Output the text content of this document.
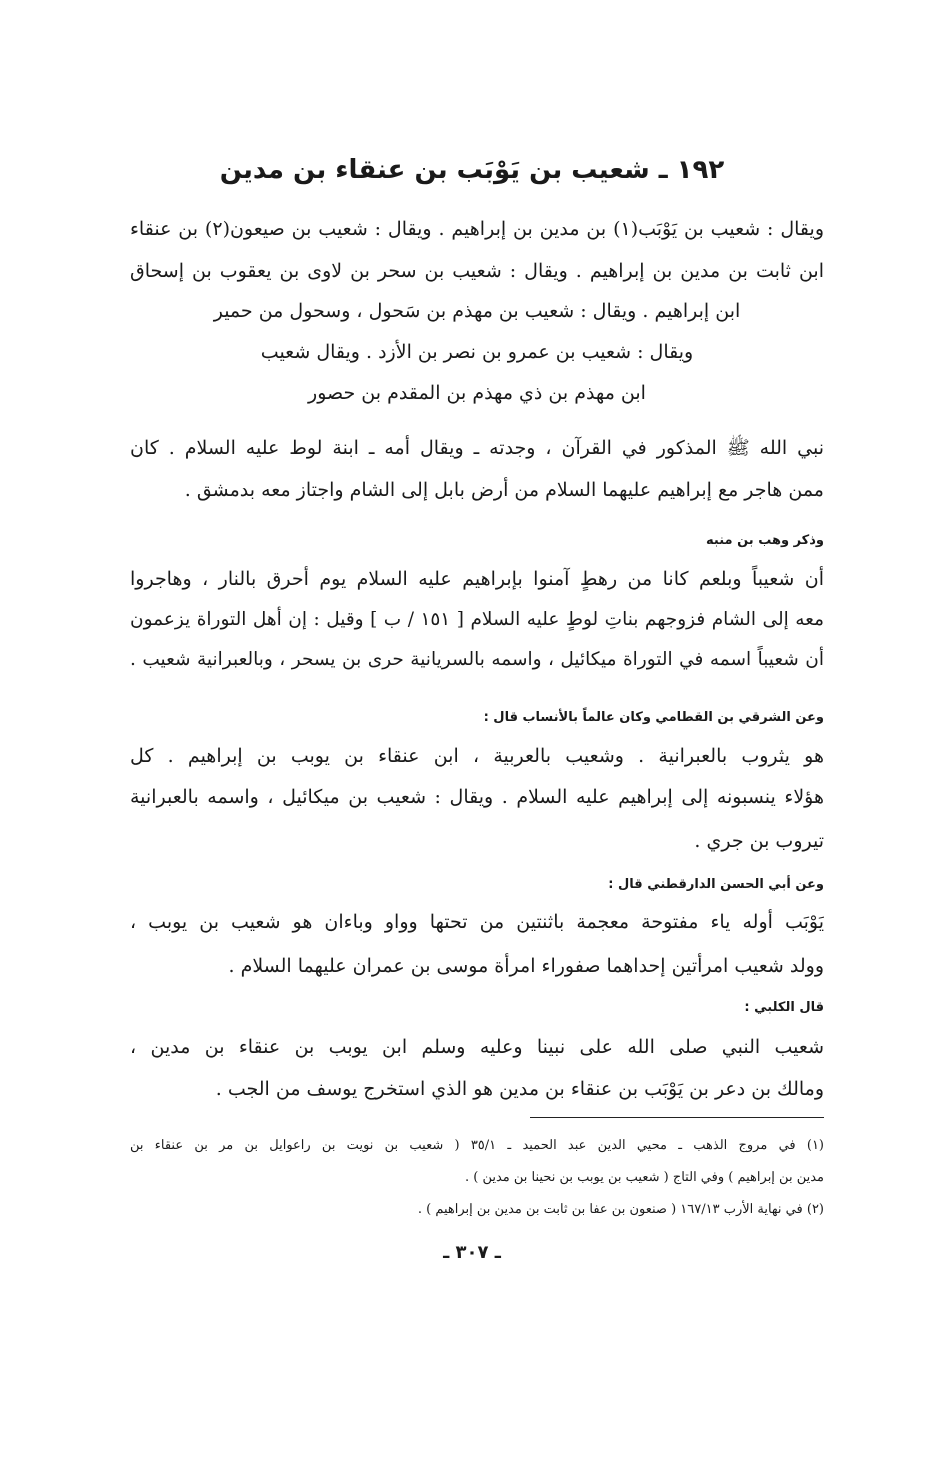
١٩٢ ـ شعيب بن يَوْبَب بن عنقاء بن مدين
ويقال : شعيب بن يَوْبَب(١) بن مدين بن إبراهيم . ويقال : شعيب بن صيعون(٢) بن عنقاء
ابن ثابت بن مدين بن إبراهيم . ويقال : شعيب بن سحر بن لاوى بن يعقوب بن إسحاق
ابن إبراهيم . ويقال : شعيب بن مهذم بن سَحول ، وسحول من حمير
ويقال : شعيب بن عمرو بن نصر بن الأزد . ويقال شعيب
ابن مهذم بن ذي مهذم بن المقدم بن حصور
نبي الله ﷺ المذكور في القرآن ، وجدته ـ ويقال أمه ـ ابنة لوط عليه السلام . كان
ممن هاجر مع إبراهيم عليهما السلام من أرض بابل إلى الشام واجتاز معه بدمشق .
وذكر وهب بن منبه
أن شعيباً وبلعم كانا من رهطٍ آمنوا بإبراهيم عليه السلام يوم أحرق بالنار ، وهاجروا
معه إلى الشام فزوجهم بناتِ لوطٍ عليه السلام [ ١٥١ / ب ] وقيل : إن أهل التوراة يزعمون
أن شعيباً اسمه في التوراة ميكائيل ، واسمه بالسريانية حرى بن يسحر ، وبالعبرانية شعيب .
وعن الشرقي بن القطامي وكان عالماً بالأنساب قال :
هو يثروب بالعبرانية . وشعيب بالعربية ، ابن عنقاء بن يوبب بن إبراهيم . كل
هؤلاء ينسبونه إلى إبراهيم عليه السلام . ويقال : شعيب بن ميكائيل ، واسمه بالعبرانية
تيروب بن جري .
وعن أبي الحسن الدارقطني قال :
يَوْبَب أوله ياء مفتوحة معجمة باثنتين من تحتها وواو وباءان هو شعيب بن يوبب ،
وولد شعيب امرأتين إحداهما صفوراء امرأة موسى بن عمران عليهما السلام .
قال الكلبي :
شعيب النبي صلى الله على نبينا وعليه وسلم ابن يوبب بن عنقاء بن مدين ،
ومالك بن دعر بن يَوْبَب بن عنقاء بن مدين هو الذي استخرج يوسف من الجب .
(١) في مروج الذهب ـ محيي الدين عبد الحميد ـ ٣٥/١ ( شعيب بن نويت بن راعوايل بن مر بن عنقاء بن
مدين بن إبراهيم ) وفي التاج ( شعيب بن يوبب بن نحينا بن مدين ) .
(٢) في نهاية الأرب ١٦٧/١٣ ( صنعون بن عفا بن ثابت بن مدين بن إبراهيم ) .
ـ ٣٠٧ ـ
